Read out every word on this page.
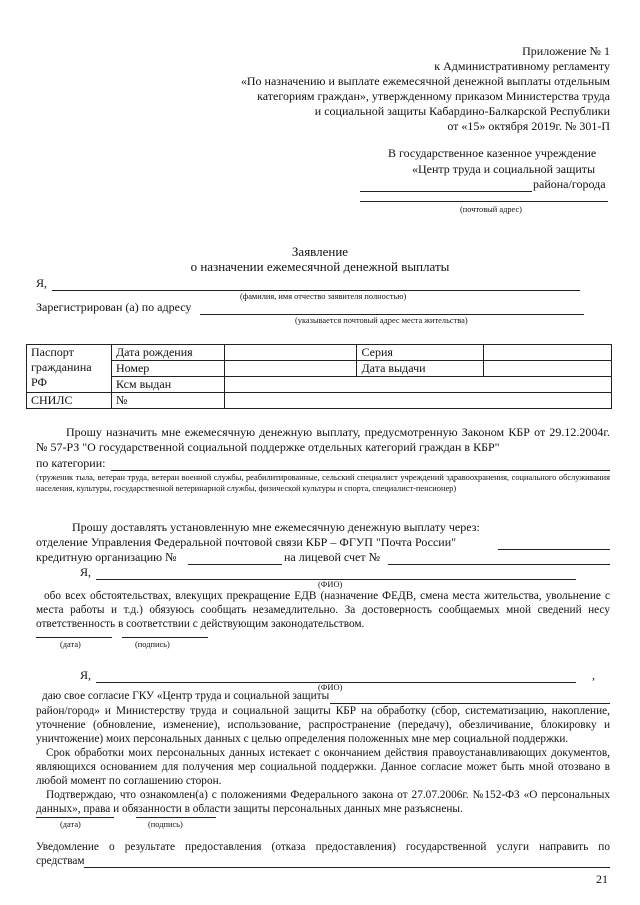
Приложение № 1
к Административному регламенту
«По назначению и выплате ежемесячной денежной выплаты отдельным
категориям граждан», утвержденному приказом Министерства труда
и социальной защиты Кабардино-Балкарской Республики
от «15» октября 2019г. № 301-П
В государственное казенное учреждение
«Центр труда и социальной защиты
района/города
(почтовый адрес)
Заявление
о назначении ежемесячной денежной выплаты
Я,
(фамилия, имя отчество заявителя полностью)
Зарегистрирован (а) по адресу
(указывается почтовый адрес места жительства)
Паспорт
гражданина
РФ	Дата рождения		Серия	
	Номер		Дата выдачи	
	Ксм выдан			
СНИЛС	№			
Прошу назначить мне ежемесячную денежную выплату, предусмотренную Законом КБР от 29.12.2004г. № 57-РЗ "О государственной социальной поддержке отдельных категорий граждан в КБР"
по категории:
(труженик тыла, ветеран труда, ветеран военной службы, реабилитированные, сельский специалист учреждений здравоохранения, социального обслуживания населения, культуры, государственной ветеринарной службы, физической культуры и спорта, специалист-пенсионер)
Прошу доставлять установленную мне ежемесячную денежную выплату через:
отделение Управления Федеральной почтовой связи КБР – ФГУП "Почта России"
кредитную организацию №	на лицевой счет №
Я,
(ФИО)
обо всех обстоятельствах, влекущих прекращение ЕДВ (назначение ФЕДВ, смена места жительства, увольнение с места работы и т.д.) обязуюсь сообщать незамедлительно. За достоверность сообщаемых мной сведений несу ответственность в соответствии с действующим законодательством.
(дата)	(подпись)
Я,	,
(ФИО)
даю свое согласие ГКУ «Центр труда и социальной защиты
район/город» и Министерству труда и социальной защиты КБР на обработку (сбор, систематизацию, накопление, уточнение (обновление, изменение), использование, распространение (передачу), обезличивание, блокировку и уничтожение) моих персональных данных с целью определения положенных мне мер социальной поддержки.
Срок обработки моих персональных данных истекает с окончанием действия правоустанавливающих документов, являющихся основанием для получения мер социальной поддержки. Данное согласие может быть мной отозвано в любой момент по соглашению сторон.
Подтверждаю, что ознакомлен(а) с положениями Федерального закона от 27.07.2006г. №152-ФЗ «О персональных данных», права и обязанности в области защиты персональных данных мне разъяснены.
(дата)	(подпись)
Уведомление о результате предоставления (отказа предоставления) государственной услуги направить по
средствам
21
